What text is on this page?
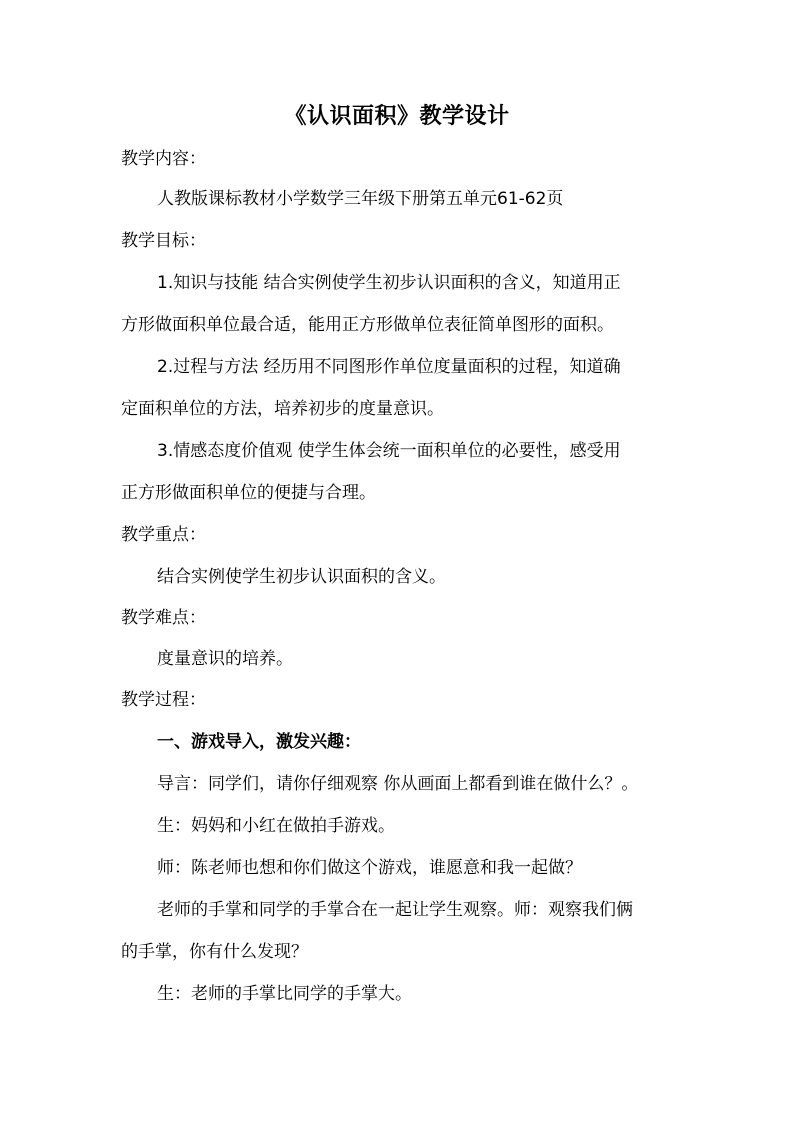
《认识面积》教学设计
教学内容：
人教版课标教材小学数学三年级下册第五单元61-62页
教学目标：
1.知识与技能 结合实例使学生初步认识面积的含义，知道用正
方形做面积单位最合适，能用正方形做单位表征简单图形的面积。
2.过程与方法 经历用不同图形作单位度量面积的过程，知道确
定面积单位的方法，培养初步的度量意识。
3.情感态度价值观 使学生体会统一面积单位的必要性，感受用
正方形做面积单位的便捷与合理。
教学重点：
结合实例使学生初步认识面积的含义。
教学难点：
度量意识的培养。
教学过程：
一、游戏导入，激发兴趣：
导言：同学们，请你仔细观察 你从画面上都看到谁在做什么？。
生：妈妈和小红在做拍手游戏。
师：陈老师也想和你们做这个游戏，谁愿意和我一起做？
老师的手掌和同学的手掌合在一起让学生观察。师：观察我们俩
的手掌，你有什么发现？
生：老师的手掌比同学的手掌大。
